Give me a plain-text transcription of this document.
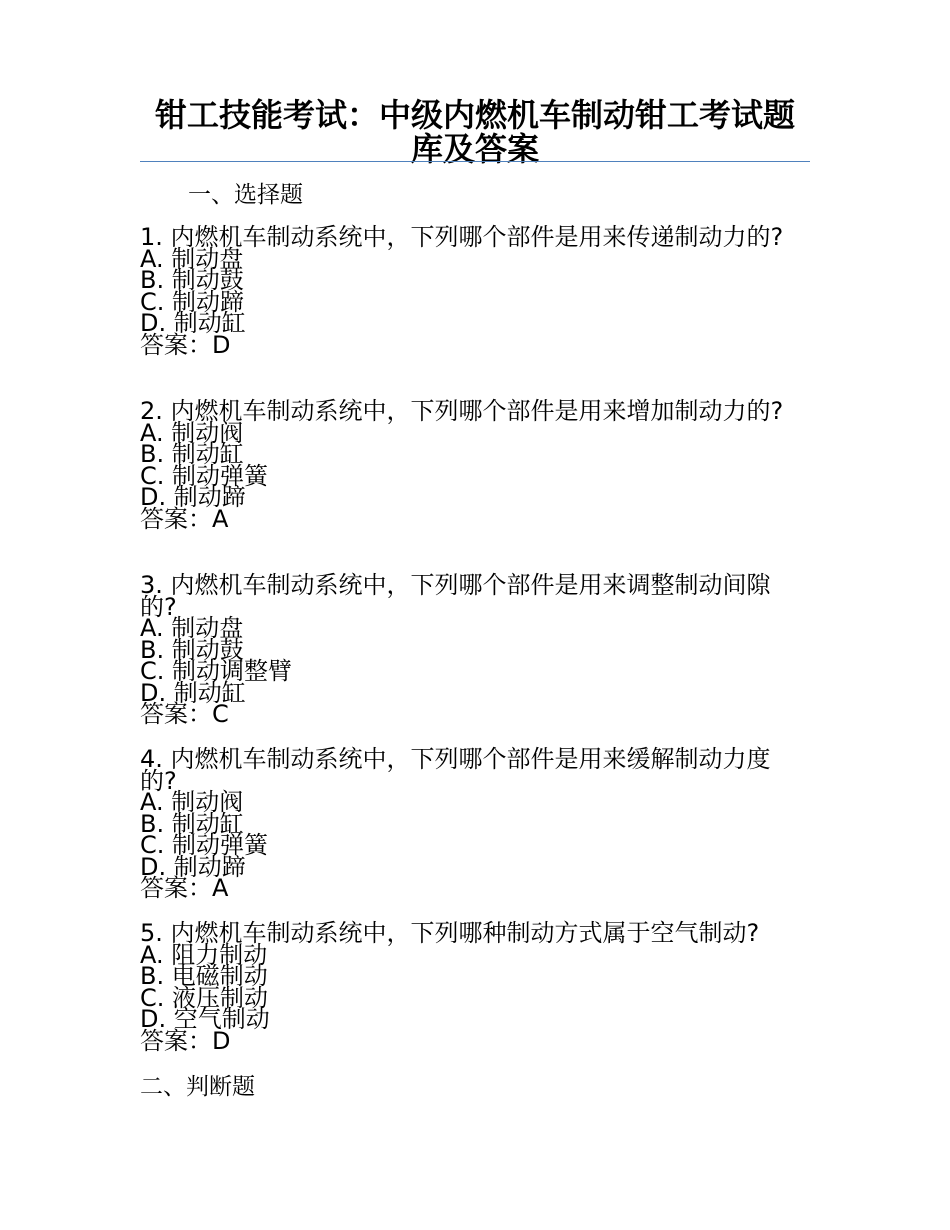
钳工技能考试：中级内燃机车制动钳工考试题库及答案
一、选择题

1. 内燃机车制动系统中，下列哪个部件是用来传递制动力的?

A. 制动盘

B. 制动鼓

C. 制动蹄

D. 制动缸

答案：D

2. 内燃机车制动系统中，下列哪个部件是用来增加制动力的?

A. 制动阀

B. 制动缸

C. 制动弹簧

D. 制动蹄

答案：A

3. 内燃机车制动系统中，下列哪个部件是用来调整制动间隙的?

A. 制动盘

B. 制动鼓

C. 制动调整臂

D. 制动缸

答案：C

4. 内燃机车制动系统中，下列哪个部件是用来缓解制动力度的?

A. 制动阀

B. 制动缸

C. 制动弹簧

D. 制动蹄

答案：A

5. 内燃机车制动系统中，下列哪种制动方式属于空气制动?

A. 阻力制动

B. 电磁制动

C. 液压制动

D. 空气制动

答案：D

二、判断题
